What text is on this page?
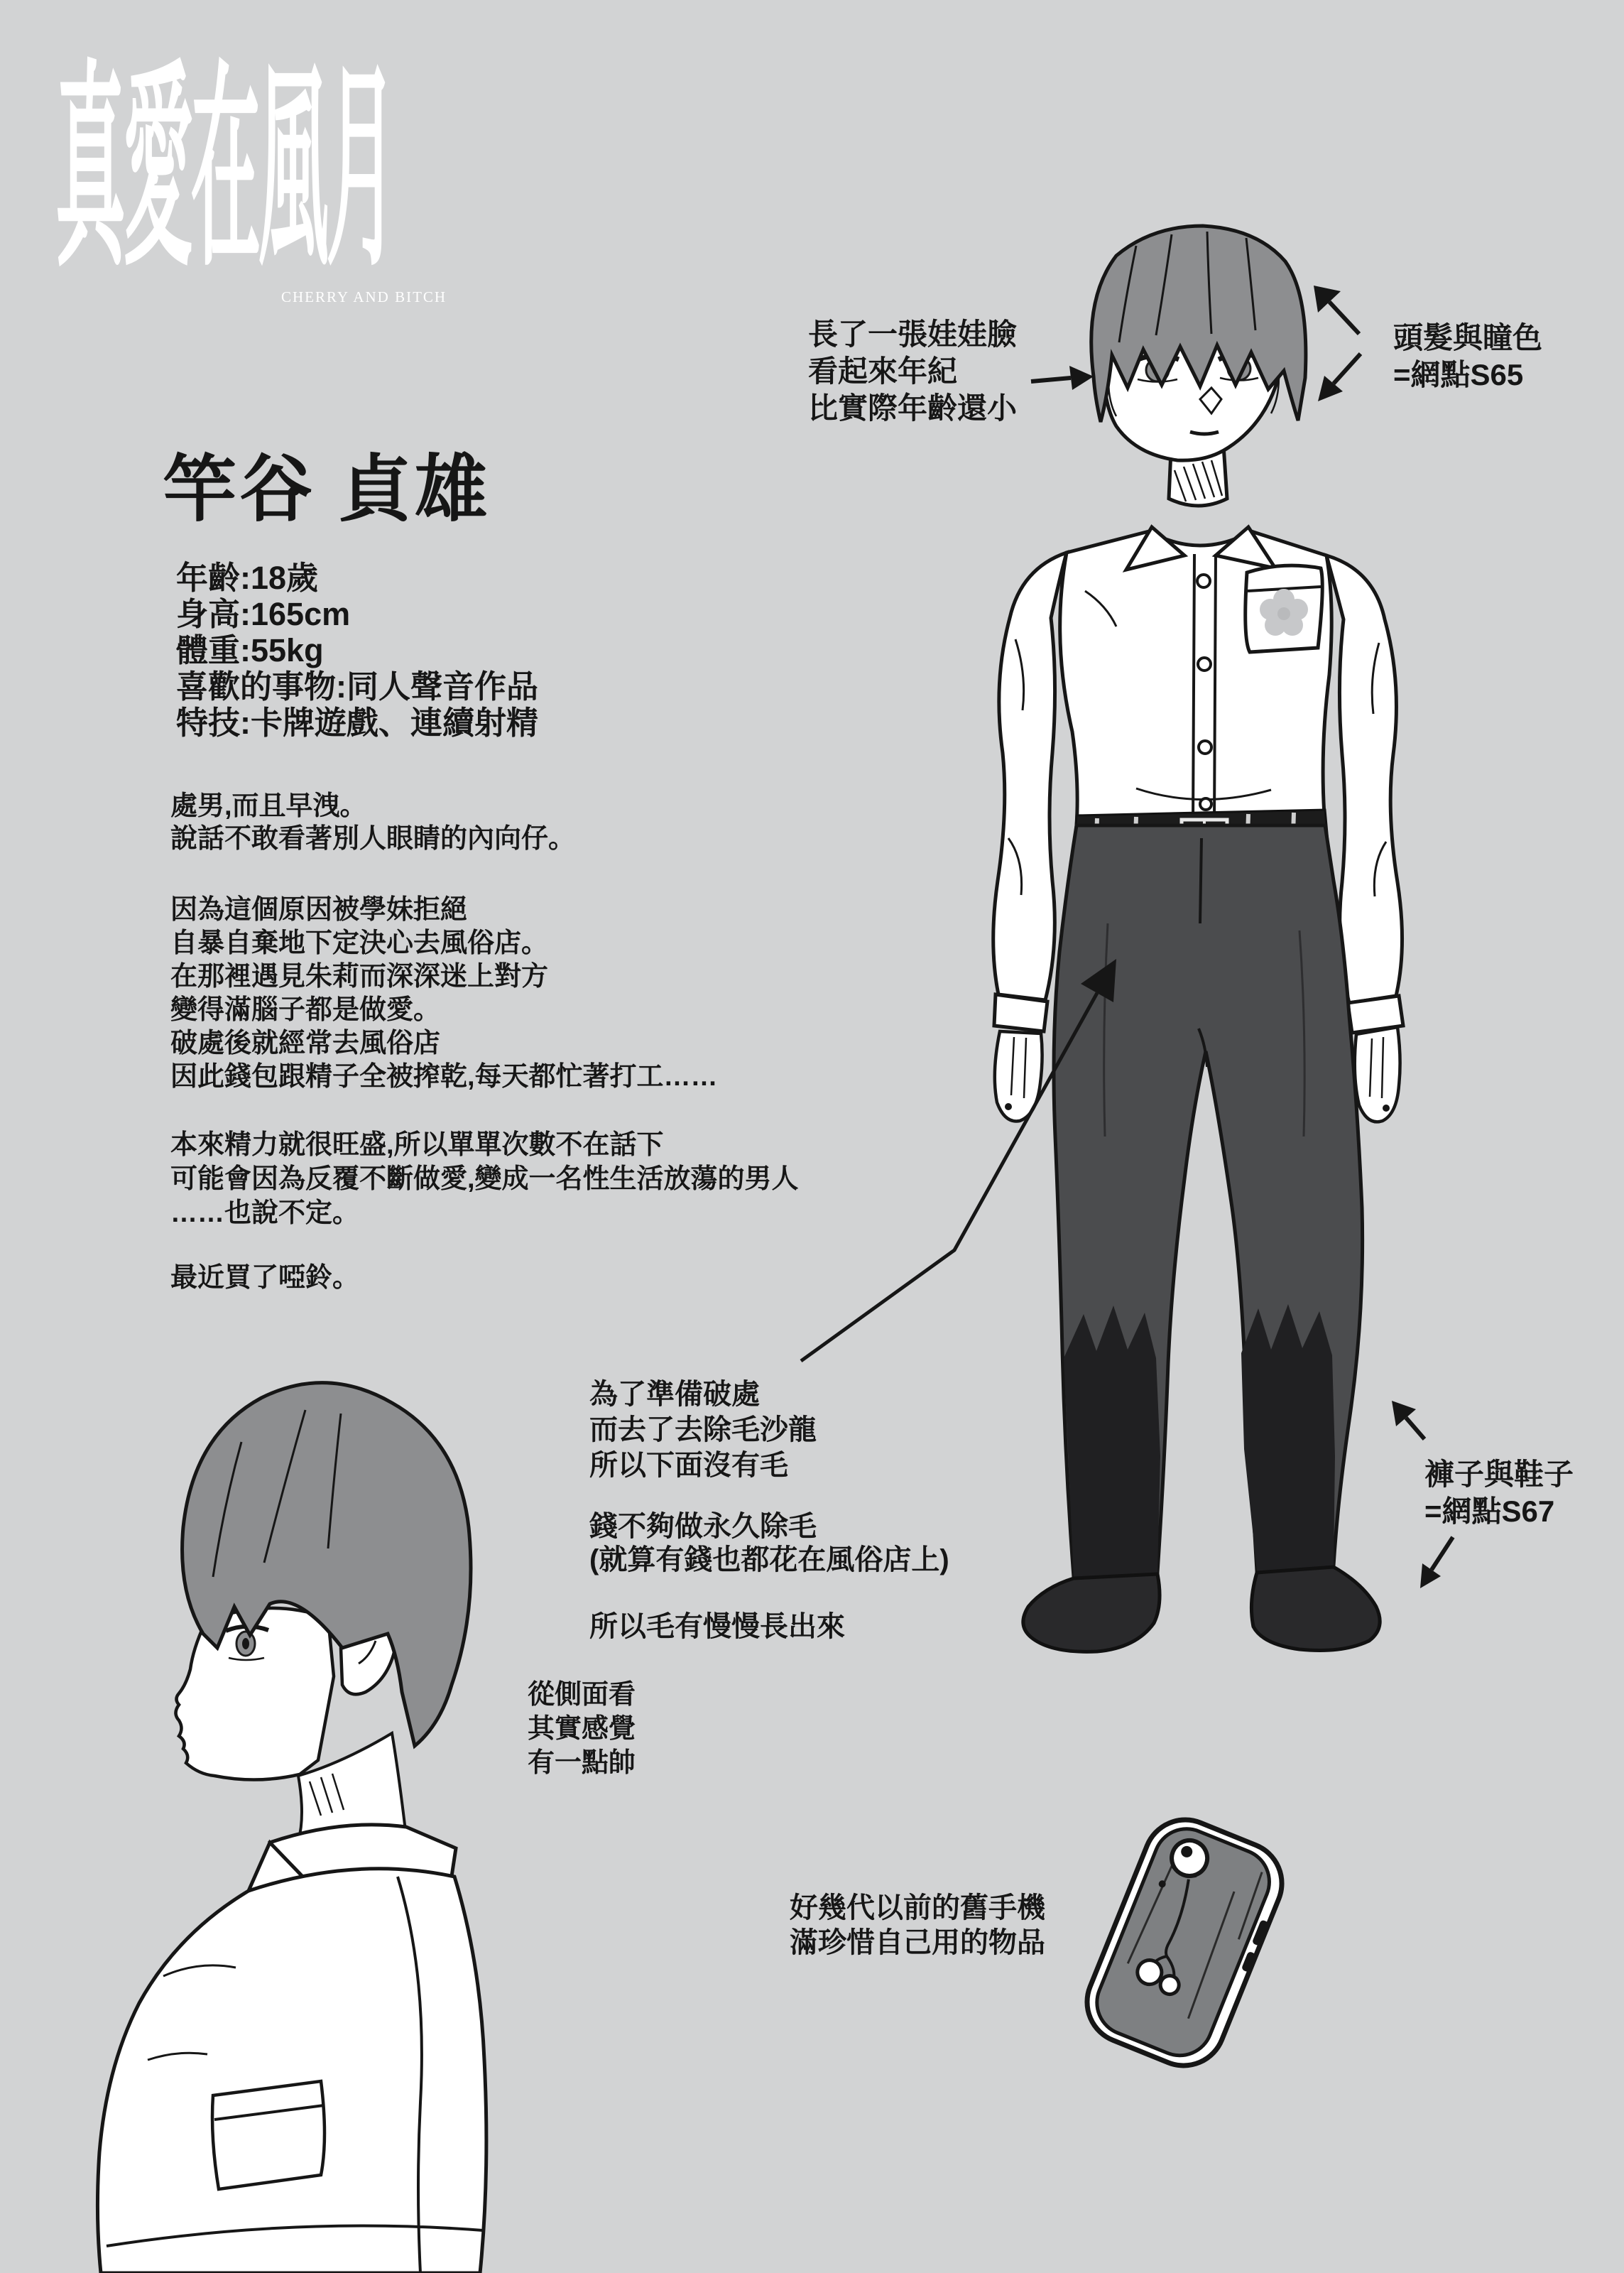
真愛在風月
CHERRY AND BITCH
竿谷 貞雄
年齡:18歲
身高:165cm
體重:55kg
喜歡的事物:同人聲音作品
特技:卡牌遊戲、連續射精
處男,而且早洩。
說話不敢看著別人眼睛的內向仔。
因為這個原因被學妹拒絕
自暴自棄地下定決心去風俗店。
在那裡遇見朱莉而深深迷上對方
變得滿腦子都是做愛。
破處後就經常去風俗店
因此錢包跟精子全被搾乾,每天都忙著打工……
本來精力就很旺盛,所以單單次數不在話下
可能會因為反覆不斷做愛,變成一名性生活放蕩的男人
……也說不定。
最近買了啞鈴。
長了一張娃娃臉
看起來年紀
比實際年齡還小
頭髮與瞳色
=網點S65
褲子與鞋子
=網點S67
為了準備破處
而去了去除毛沙龍
所以下面沒有毛
錢不夠做永久除毛
(就算有錢也都花在風俗店上)
所以毛有慢慢長出來
從側面看
其實感覺
有一點帥
好幾代以前的舊手機
滿珍惜自己用的物品
